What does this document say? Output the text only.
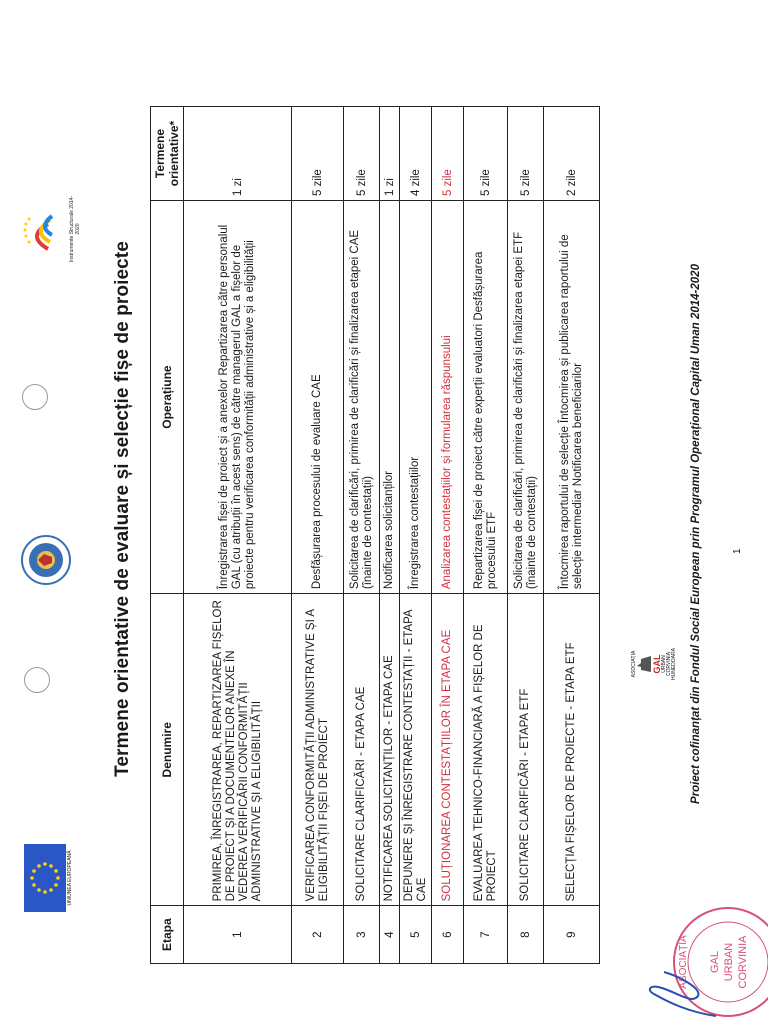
UNIUNEA EUROPEANĂ
Instrumente Structurale 2014-2020
Termene orientative de evaluare și selecție fișe de proiecte
Etapa	Denumire	Operațiune	Termene orientative*
1	PRIMIREA, ÎNREGISTRAREA, REPARTIZAREA FIȘELOR DE PROIECT ȘI A DOCUMENTELOR ANEXE ÎN VEDEREA VERIFICĂRII CONFORMITĂȚII ADMINISTRATIVE ȘI A ELIGIBILITĂȚII	Înregistrarea fișei de proiect și a anexelor Repartizarea către personalul GAL (cu atribuții în acest sens) de către managerul GAL a fișelor de proiecte pentru verificarea conformității administrative și a eligibilității	1 zi
2	VERIFICAREA CONFORMITĂȚII ADMINISTRATIVE ȘI A ELIGIBILITĂȚII FIȘEI DE PROIECT	Desfășurarea procesului de evaluare CAE	5 zile
3	SOLICITARE CLARIFICĂRI - ETAPA CAE	Solicitarea de clarificări, primirea de clarificări și finalizarea etapei CAE (înainte de contestații)	5 zile
4	NOTIFICAREA SOLICITANȚILOR - ETAPA CAE	Notificarea solicitanților	1 zi
5	DEPUNERE ȘI ÎNREGISTRARE CONTESTAȚII - ETAPA CAE	Înregistrarea contestațiilor	4 zile
6	SOLUȚIONAREA CONTESTAȚIILOR ÎN ETAPA CAE	Analizarea contestațiilor și formularea răspunsului	5 zile
7	EVALUAREA TEHNICO-FINANCIARĂ A FIȘELOR DE PROIECT	Repartizarea fișei de proiect către experții evaluatori Desfășurarea procesului ETF	5 zile
8	SOLICITARE CLARIFICĂRI - ETAPA ETF	Solicitarea de clarificări, primirea de clarificări și finalizarea etapei ETF (înainte de contestații)	5 zile
9	SELECȚIA FIȘELOR DE PROIECTE - ETAPA ETF	Întocmirea raportului de selecție Întocmirea și publicarea raportului de selecție intermediar Notificarea beneficiarilor	2 zile
ASOCIAȚIA GAL URBAN CORVINIA HUNEDOARA Proiect cofinanțat din Fondul Social European prin Programul Operațional Capital Uman 2014-2020	1
GAL URBAN CORVINIA
ASOCIAȚIA
